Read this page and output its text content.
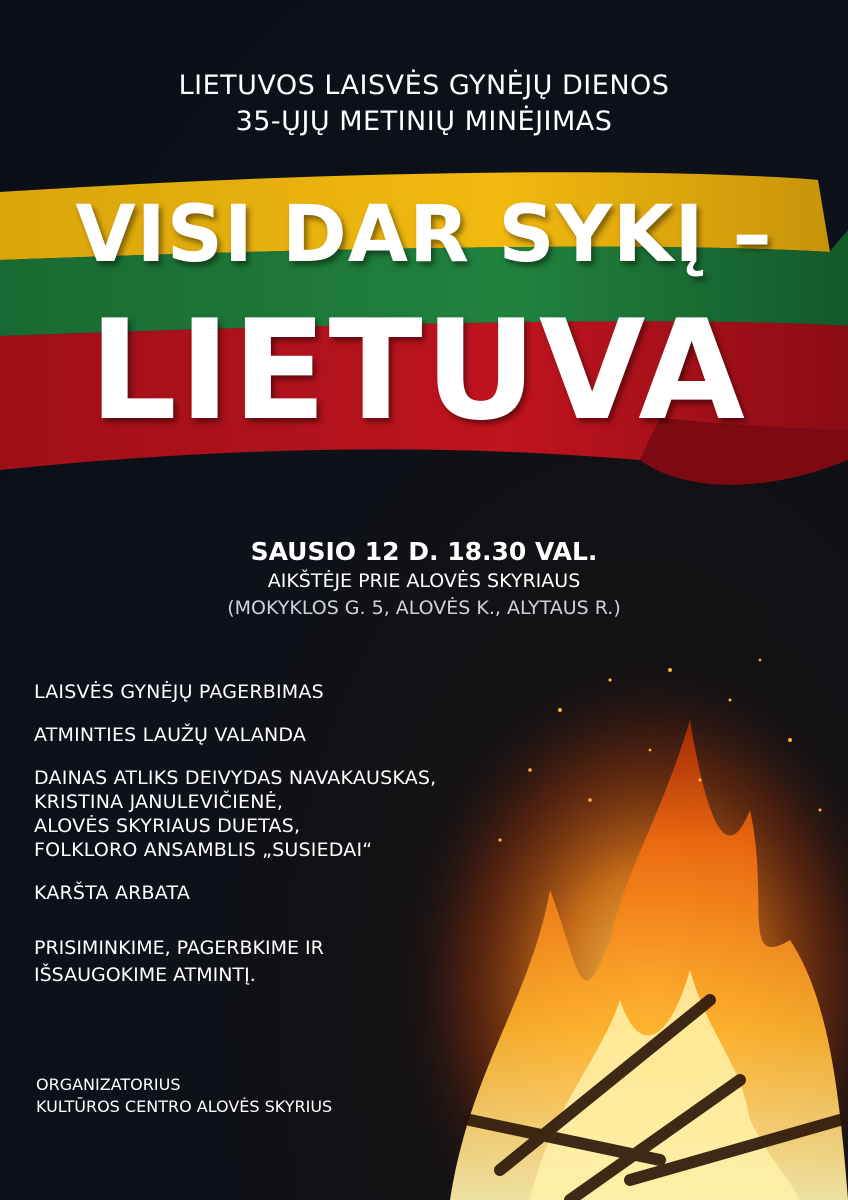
LIETUVOS LAISVĖS GYNĖJŲ DIENOS
35-ŲJŲ METINIŲ MINĖJIMAS
VISI DAR SYKĮ –
LIETUVA
SAUSIO 12 D. 18.30 VAL.
AIKŠTĖJE PRIE ALOVĖS SKYRIAUS
(MOKYKLOS G. 5, ALOVĖS K., ALYTAUS R.)
LAISVĖS GYNĖJŲ PAGERBIMAS
ATMINTIES LAUŽŲ VALANDA
DAINAS ATLIKS DEIVYDAS NAVAKAUSKAS,
KRISTINA JANULEVIČIENĖ,
ALOVĖS SKYRIAUS DUETAS,
FOLKLORO ANSAMBLIS „SUSIEDAI“
KARŠTA ARBATA
PRISIMINKIME, PAGERBKIME IR
IŠSAUGOKIME ATMINTĮ.
ORGANIZATORIUS
KULTŪROS CENTRO ALOVĖS SKYRIUS
